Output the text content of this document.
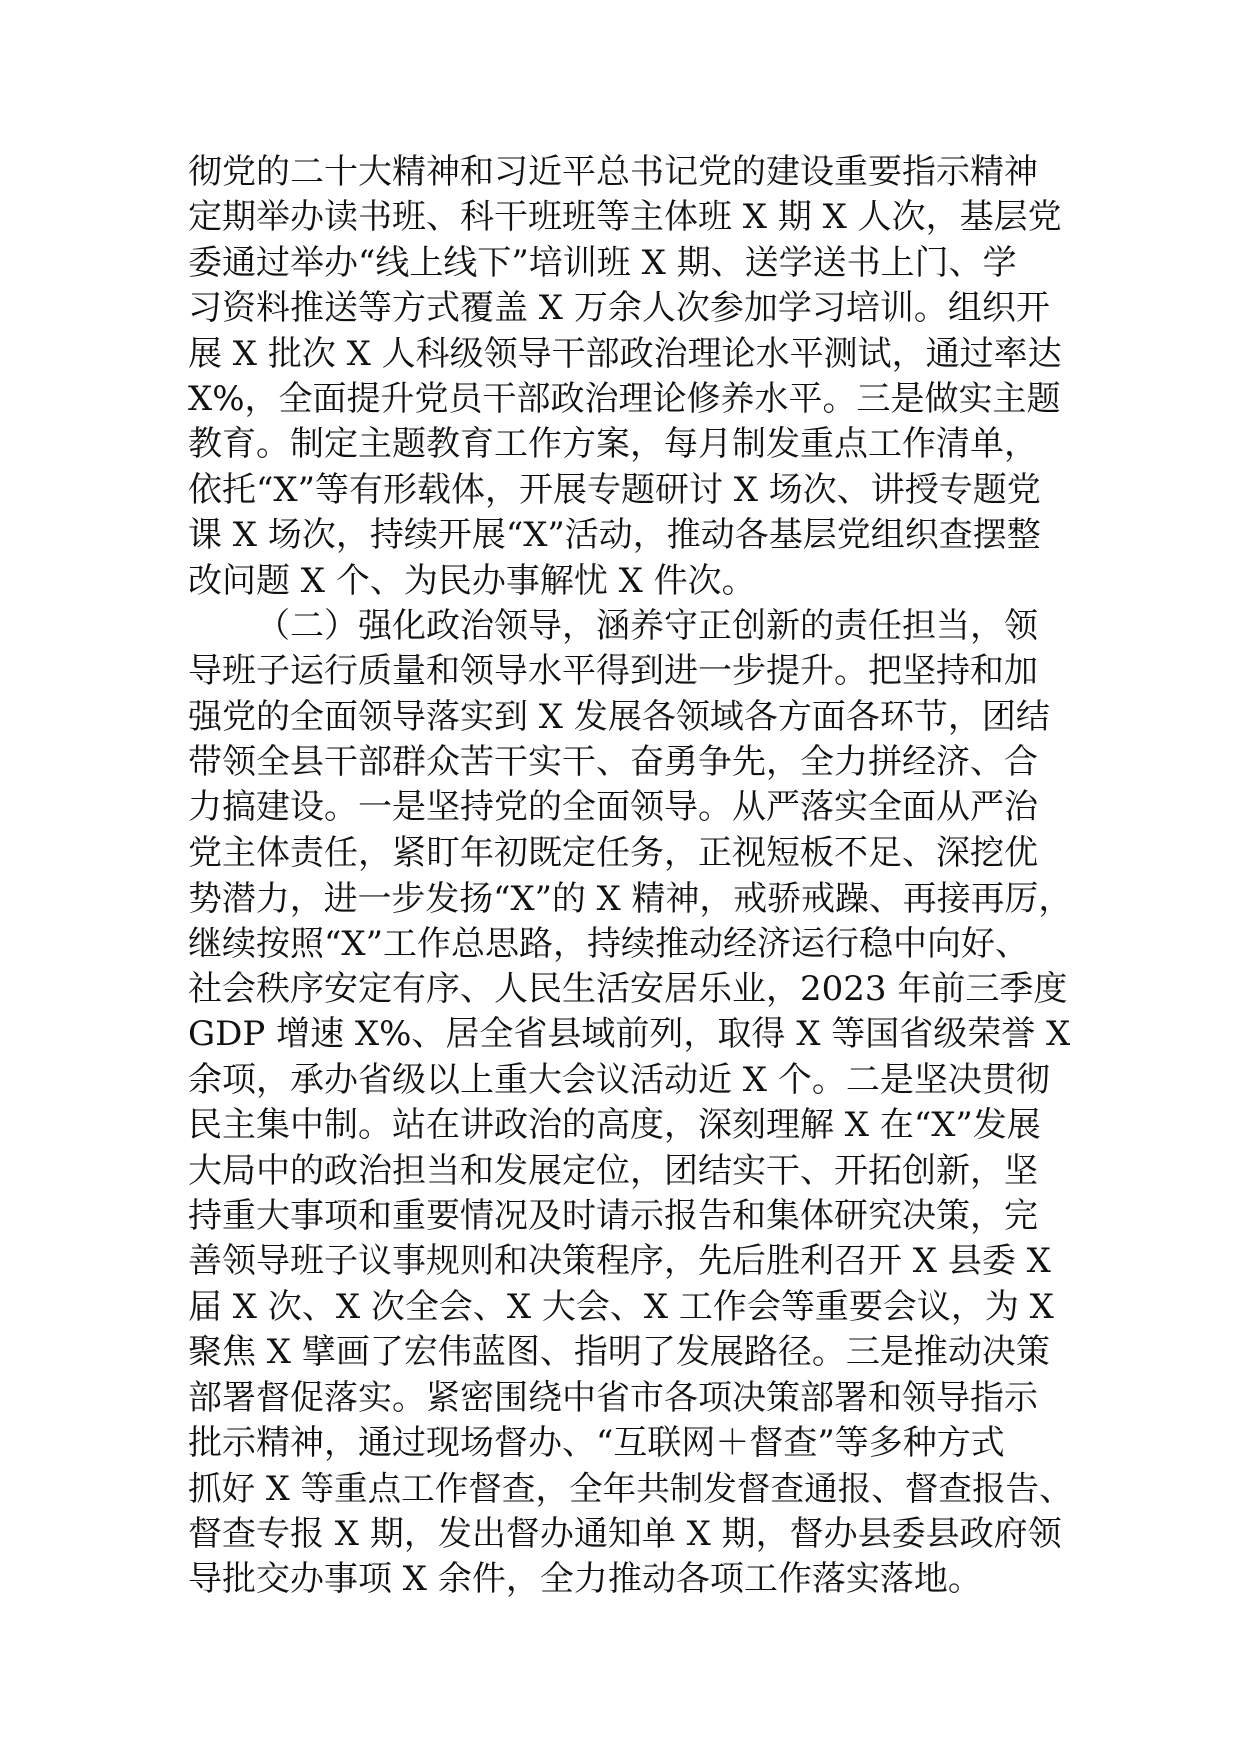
彻党的二十大精神和习近平总书记党的建设重要指示精神
定期举办读书班、科干班班等主体班 X 期 X 人次，基层党
委通过举办“线上线下”培训班 X 期、送学送书上门、学
习资料推送等方式覆盖 X 万余人次参加学习培训。组织开
展 X 批次 X 人科级领导干部政治理论水平测试，通过率达
X%，全面提升党员干部政治理论修养水平。三是做实主题
教育。制定主题教育工作方案，每月制发重点工作清单，
依托“X”等有形载体，开展专题研讨 X 场次、讲授专题党
课 X 场次，持续开展“X”活动，推动各基层党组织查摆整
改问题 X 个、为民办事解忧 X 件次。
（二）强化政治领导，涵养守正创新的责任担当，领
导班子运行质量和领导水平得到进一步提升。把坚持和加
强党的全面领导落实到 X 发展各领域各方面各环节，团结
带领全县干部群众苦干实干、奋勇争先，全力拼经济、合
力搞建设。一是坚持党的全面领导。从严落实全面从严治
党主体责任，紧盯年初既定任务，正视短板不足、深挖优
势潜力，进一步发扬“X”的 X 精神，戒骄戒躁、再接再厉，
继续按照“X”工作总思路，持续推动经济运行稳中向好、
社会秩序安定有序、人民生活安居乐业，2023 年前三季度
GDP 增速 X%、居全省县域前列，取得 X 等国省级荣誉 X
余项，承办省级以上重大会议活动近 X 个。二是坚决贯彻
民主集中制。站在讲政治的高度，深刻理解 X 在“X”发展
大局中的政治担当和发展定位，团结实干、开拓创新，坚
持重大事项和重要情况及时请示报告和集体研究决策，完
善领导班子议事规则和决策程序，先后胜利召开 X 县委 X
届 X 次、X 次全会、X 大会、X 工作会等重要会议，为 X
聚焦 X 擘画了宏伟蓝图、指明了发展路径。三是推动决策
部署督促落实。紧密围绕中省市各项决策部署和领导指示
批示精神，通过现场督办、“互联网＋督查”等多种方式
抓好 X 等重点工作督查，全年共制发督查通报、督查报告、
督查专报 X 期，发出督办通知单 X 期，督办县委县政府领
导批交办事项 X 余件，全力推动各项工作落实落地。
